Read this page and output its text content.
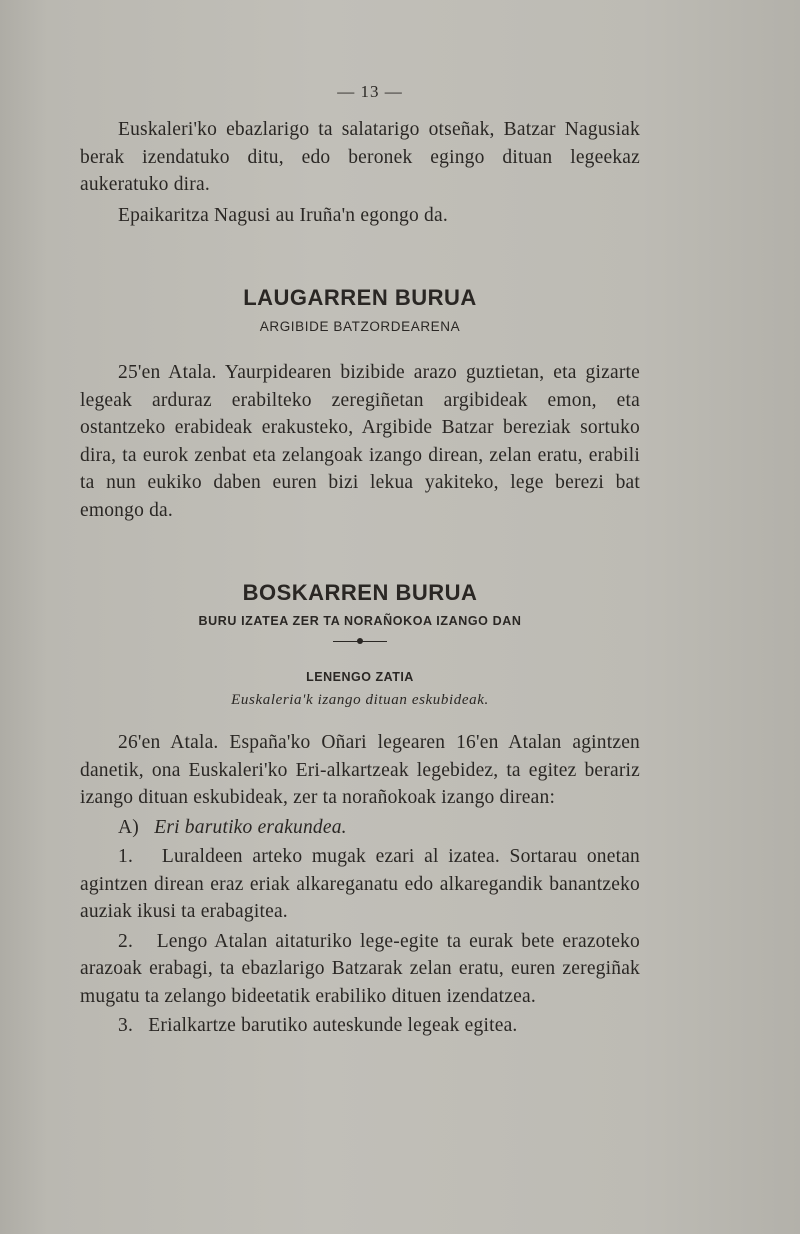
— 13 —

Euskaleri'ko ebazlarigo ta salatarigo otseñak, Batzar Nagusiak berak izendatuko ditu, edo beronek egingo dituan legeekaz aukeratuko dira.

Epaikaritza Nagusi au Iruña'n egongo da.

LAUGARREN BURUA
ARGIBIDE BATZORDEARENA

25'en Atala. Yaurpidearen bizibide arazo guztietan, eta gizarte legeak arduraz erabilteko zeregiñetan argibideak emon, eta ostantzeko erabideak erakusteko, Argibide Batzar bereziak sortuko dira, ta eurok zenbat eta zelangoak izango direan, zelan eratu, erabili ta nun eukiko daben euren bizi lekua yakiteko, lege berezi bat emongo da.

BOSKARREN BURUA
BURU IZATEA ZER TA NORAÑOKOA IZANGO DAN
LENENGO ZATIA
Euskaleria'k izango dituan eskubideak.

26'en Atala. España'ko Oñari legearen 16'en Atalan agintzen danetik, ona Euskaleri'ko Eri-alkartzeak legebidez, ta egitez berariz izango dituan eskubideak, zer ta norañokoak izango direan:

A) Eri barutiko erakundea.

1. Luraldeen arteko mugak ezari al izatea. Sortarau onetan agintzen direan eraz eriak alkareganatu edo alkaregandik banantzeko auziak ikusi ta erabagitea.

2. Lengo Atalan aitaturiko lege-egite ta eurak bete erazoteko arazoak erabagi, ta ebazlarigo Batzarak zelan eratu, euren zeregiñak mugatu ta zelango bideetatik erabiliko dituen izendatzea.

3. Erialkartze barutiko auteskunde legeak egitea.
